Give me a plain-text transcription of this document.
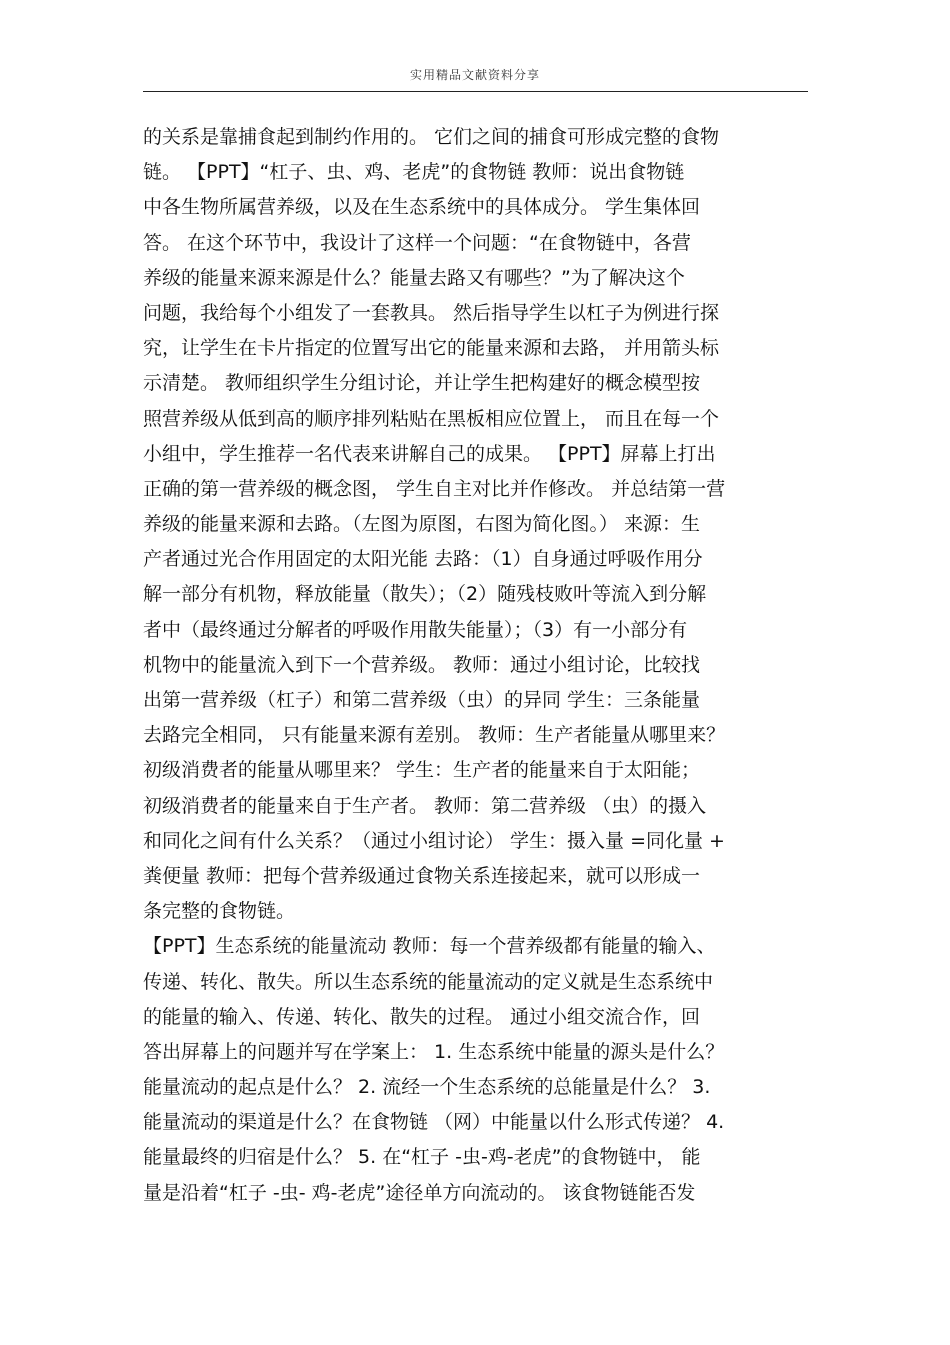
实用精品文献资料分享
的关系是靠捕食起到制约作用的。 它们之间的捕食可形成完整的食物
链。 【PPT】“杠子、虫、鸡、老虎”的食物链 教师：说出食物链
中各生物所属营养级，以及在生态系统中的具体成分。 学生集体回
答。 在这个环节中，我设计了这样一个问题：“在食物链中，各营
养级的能量来源来源是什么？能量去路又有哪些？”为了解决这个
问题，我给每个小组发了一套教具。 然后指导学生以杠子为例进行探
究，让学生在卡片指定的位置写出它的能量来源和去路， 并用箭头标
示清楚。 教师组织学生分组讨论，并让学生把构建好的概念模型按
照营养级从低到高的顺序排列粘贴在黑板相应位置上， 而且在每一个
小组中，学生推荐一名代表来讲解自己的成果。 【PPT】屏幕上打出
正确的第一营养级的概念图， 学生自主对比并作修改。 并总结第一营
养级的能量来源和去路。（左图为原图，右图为简化图。） 来源：生
产者通过光合作用固定的太阳光能 去路：（1）自身通过呼吸作用分
解一部分有机物，释放能量（散失）；（2）随残枝败叶等流入到分解
者中（最终通过分解者的呼吸作用散失能量）；（3）有一小部分有
机物中的能量流入到下一个营养级。 教师：通过小组讨论，比较找
出第一营养级（杠子）和第二营养级（虫）的异同 学生：三条能量
去路完全相同， 只有能量来源有差别。 教师：生产者能量从哪里来？
初级消费者的能量从哪里来？ 学生：生产者的能量来自于太阳能；
初级消费者的能量来自于生产者。 教师：第二营养级 （虫）的摄入
和同化之间有什么关系？（通过小组讨论） 学生：摄入量 =同化量 +
粪便量 教师：把每个营养级通过食物关系连接起来，就可以形成一
条完整的食物链。
【PPT】生态系统的能量流动 教师：每一个营养级都有能量的输入、
传递、转化、散失。所以生态系统的能量流动的定义就是生态系统中
的能量的输入、传递、转化、散失的过程。 通过小组交流合作，回
答出屏幕上的问题并写在学案上： 1. 生态系统中能量的源头是什么？
能量流动的起点是什么？ 2. 流经一个生态系统的总能量是什么？ 3.
能量流动的渠道是什么？在食物链 （网）中能量以什么形式传递？ 4.
能量最终的归宿是什么？ 5. 在“杠子 -虫-鸡-老虎”的食物链中， 能
量是沿着“杠子 -虫- 鸡-老虎”途径单方向流动的。 该食物链能否发
